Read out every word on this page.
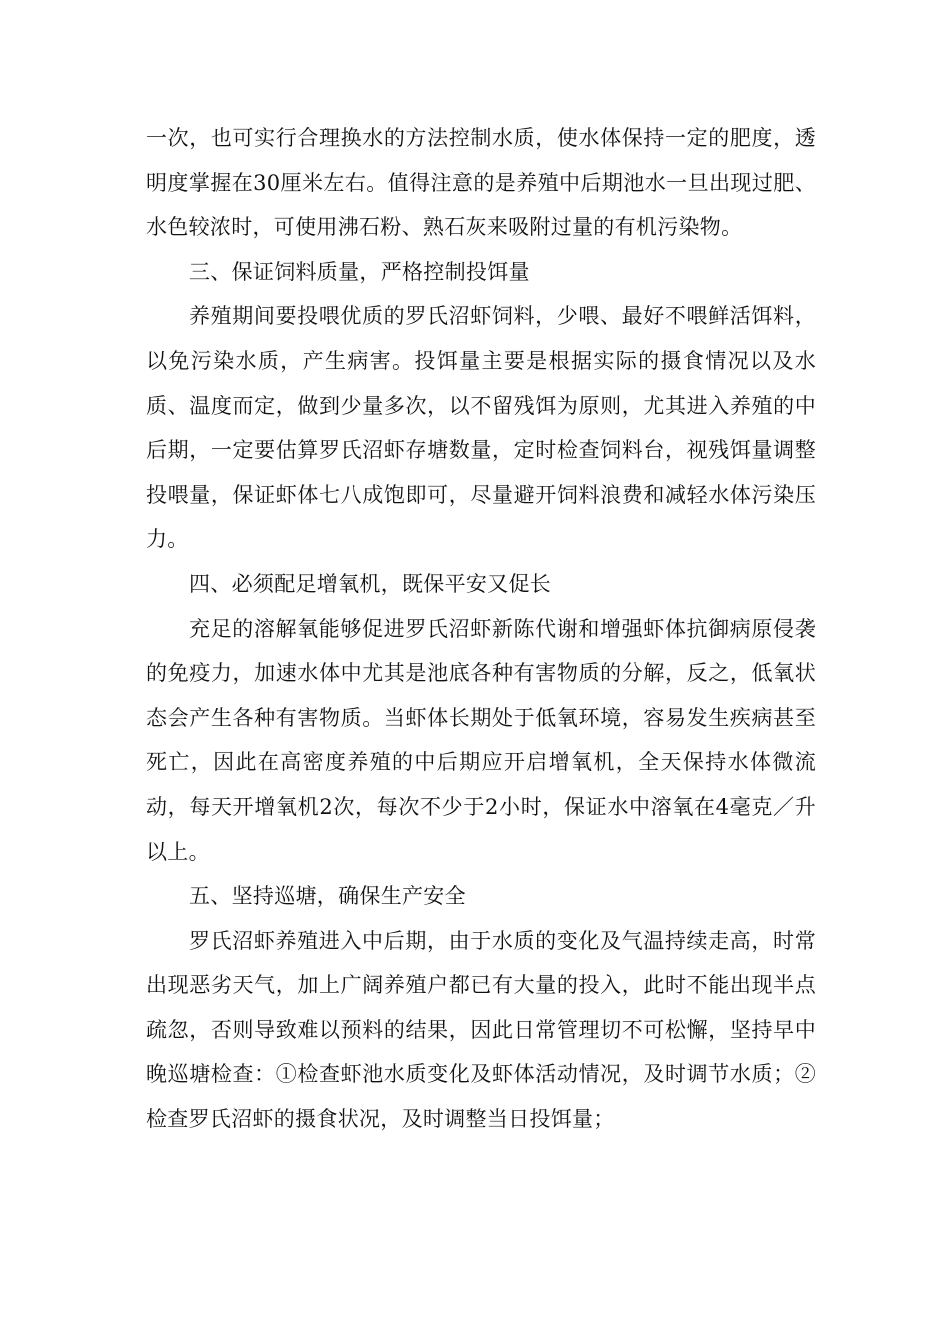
一次，也可实行合理换水的方法控制水质，使水体保持一定的肥度，透明度掌握在30厘米左右。值得注意的是养殖中后期池水一旦出现过肥、水色较浓时，可使用沸石粉、熟石灰来吸附过量的有机污染物。

三、保证饲料质量，严格控制投饵量

养殖期间要投喂优质的罗氏沼虾饲料，少喂、最好不喂鲜活饵料，以免污染水质，产生病害。投饵量主要是根据实际的摄食情况以及水质、温度而定，做到少量多次，以不留残饵为原则，尤其进入养殖的中后期，一定要估算罗氏沼虾存塘数量，定时检查饲料台，视残饵量调整投喂量，保证虾体七八成饱即可，尽量避开饲料浪费和减轻水体污染压力。

四、必须配足增氧机，既保平安又促长

充足的溶解氧能够促进罗氏沼虾新陈代谢和增强虾体抗御病原侵袭的免疫力，加速水体中尤其是池底各种有害物质的分解，反之，低氧状态会产生各种有害物质。当虾体长期处于低氧环境，容易发生疾病甚至死亡，因此在高密度养殖的中后期应开启增氧机，全天保持水体微流动，每天开增氧机2次，每次不少于2小时，保证水中溶氧在4毫克／升以上。

五、坚持巡塘，确保生产安全

罗氏沼虾养殖进入中后期，由于水质的变化及气温持续走高，时常出现恶劣天气，加上广阔养殖户都已有大量的投入，此时不能出现半点疏忽，否则导致难以预料的结果，因此日常管理切不可松懈，坚持早中晚巡塘检查：①检查虾池水质变化及虾体活动情况，及时调节水质；②检查罗氏沼虾的摄食状况，及时调整当日投饵量；
